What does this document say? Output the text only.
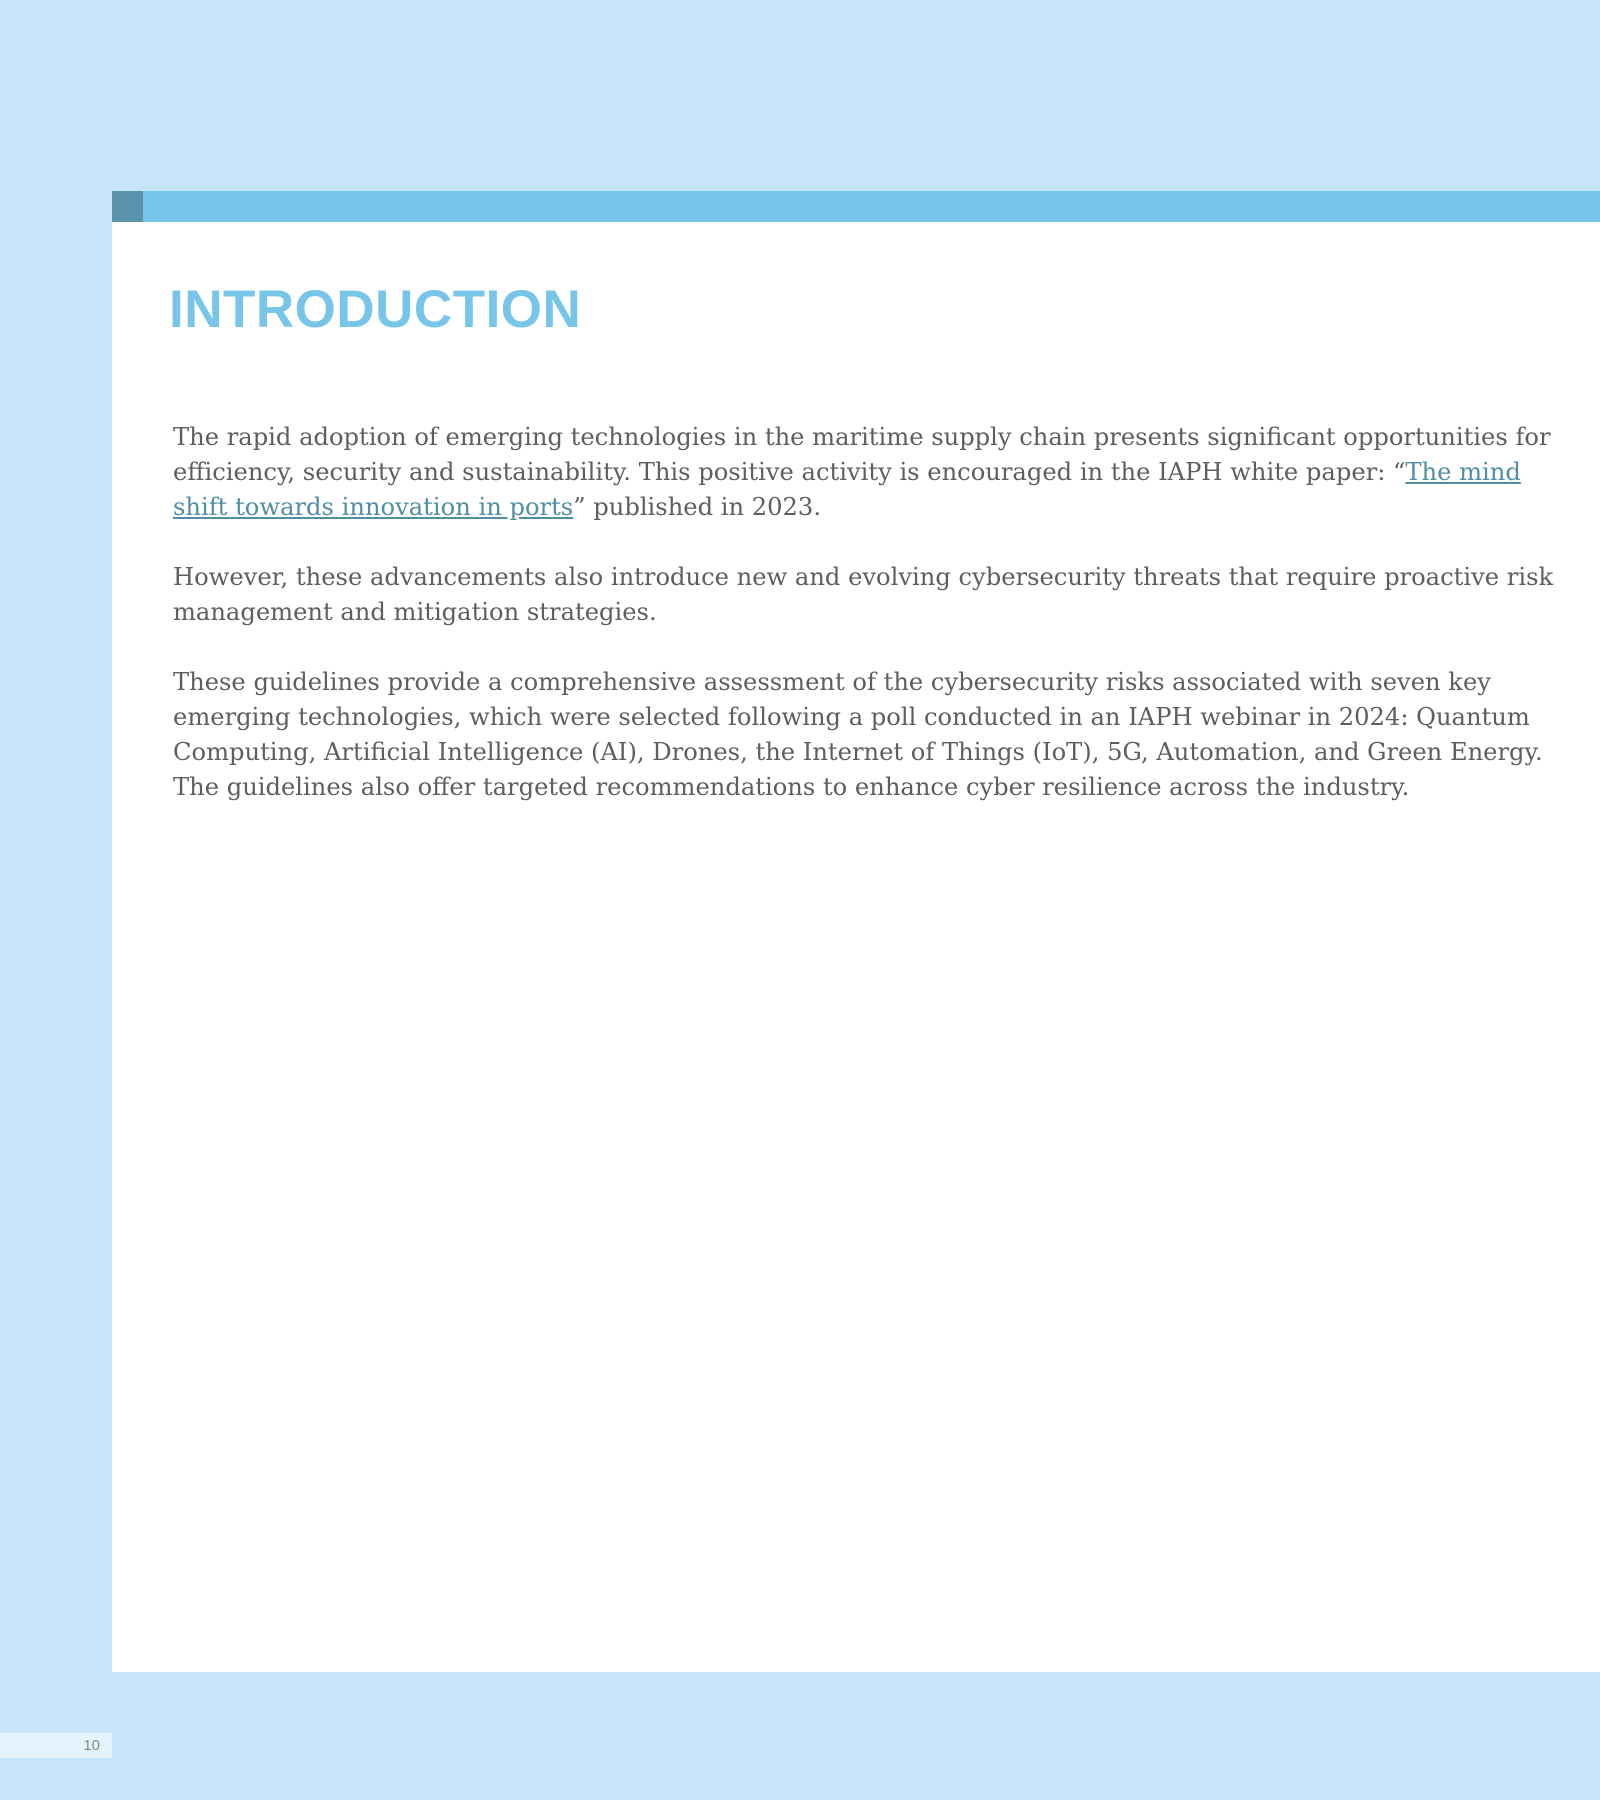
INTRODUCTION

The rapid adoption of emerging technologies in the maritime supply chain presents significant opportunities for efficiency, security and sustainability. This positive activity is encouraged in the IAPH white paper: “The mind shift towards innovation in ports” published in 2023.

However, these advancements also introduce new and evolving cybersecurity threats that require proactive risk management and mitigation strategies.

These guidelines provide a comprehensive assessment of the cybersecurity risks associated with seven key emerging technologies, which were selected following a poll conducted in an IAPH webinar in 2024: Quantum Computing, Artificial Intelligence (AI), Drones, the Internet of Things (IoT), 5G, Automation, and Green Energy. The guidelines also offer targeted recommendations to enhance cyber resilience across the industry.

10
